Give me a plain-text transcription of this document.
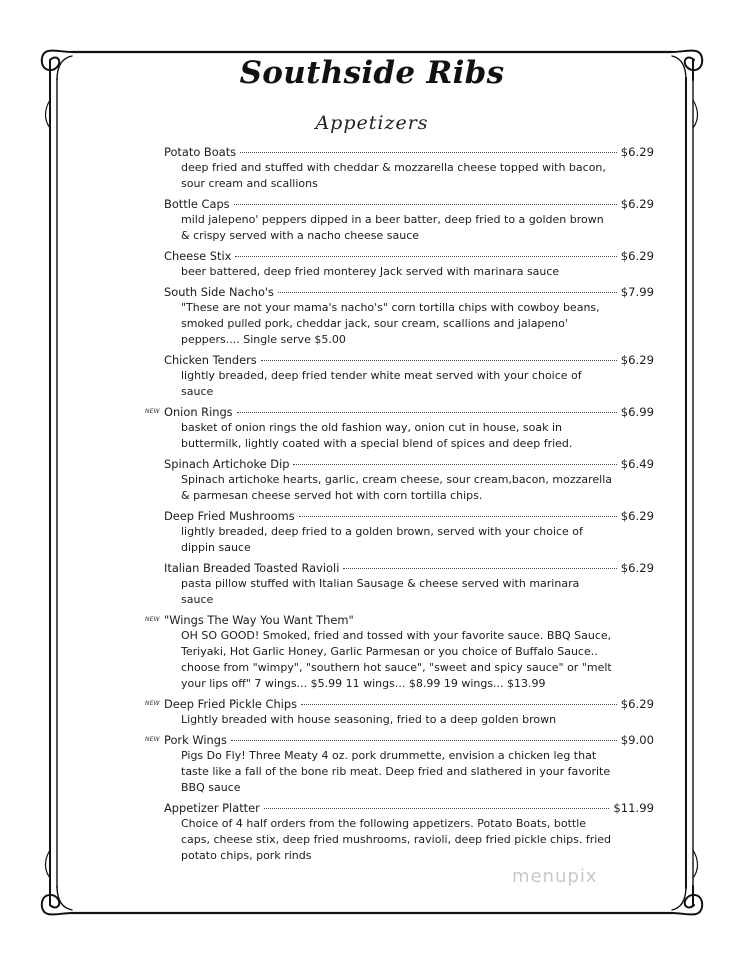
Southside Ribs
Appetizers
Potato Boats	$6.29
deep fried and stuffed with cheddar & mozzarella cheese topped with bacon, sour cream and scallions
Bottle Caps	$6.29
mild jalepeno' peppers dipped in a beer batter, deep fried to a golden brown & crispy served with a nacho cheese sauce
Cheese Stix	$6.29
beer battered, deep fried monterey Jack served with marinara sauce
South Side Nacho's	$7.99
"These are not your mama's nacho's" corn tortilla chips with cowboy beans, smoked pulled pork, cheddar jack, sour cream, scallions and jalapeno' peppers.... Single serve $5.00
Chicken Tenders	$6.29
lightly breaded, deep fried tender white meat served with your choice of sauce
NEW Onion Rings	$6.99
basket of onion rings the old fashion way, onion cut in house, soak in buttermilk, lightly coated with a special blend of spices and deep fried.
Spinach Artichoke Dip	$6.49
Spinach artichoke hearts, garlic, cream cheese, sour cream,bacon, mozzarella & parmesan cheese served hot with corn tortilla chips.
Deep Fried Mushrooms	$6.29
lightly breaded, deep fried to a golden brown, served with your choice of dippin sauce
Italian Breaded Toasted Ravioli	$6.29
pasta pillow stuffed with Italian Sausage & cheese served with marinara sauce
NEW "Wings The Way You Want Them"
OH SO GOOD! Smoked, fried and tossed with your favorite sauce. BBQ Sauce, Teriyaki, Hot Garlic Honey, Garlic Parmesan or you choice of Buffalo Sauce.. choose from "wimpy", "southern hot sauce", "sweet and spicy sauce" or "melt your lips off" 7 wings... $5.99 11 wings... $8.99 19 wings... $13.99
NEW Deep Fried Pickle Chips	$6.29
Lightly breaded with house seasoning, fried to a deep golden brown
NEW Pork Wings	$9.00
Pigs Do Fly! Three Meaty 4 oz. pork drummette, envision a chicken leg that taste like a fall of the bone rib meat. Deep fried and slathered in your favorite BBQ sauce
Appetizer Platter	$11.99
Choice of 4 half orders from the following appetizers. Potato Boats, bottle caps, cheese stix, deep fried mushrooms, ravioli, deep fried pickle chips. fried potato chips, pork rinds
menupix
